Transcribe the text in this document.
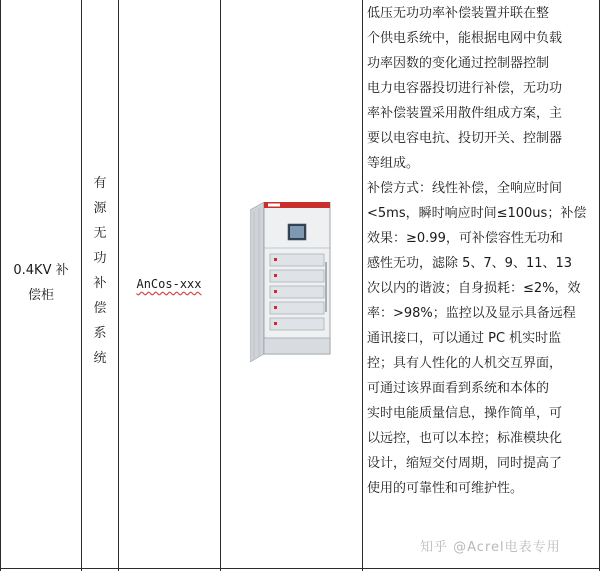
0.4KV 补
偿柜
有
源
无
功
补
偿
系
统
AnCos-xxx
低压无功功率补偿装置并联在整
个供电系统中，能根据电网中负载
功率因数的变化通过控制器控制
电力电容器投切进行补偿，无功功
率补偿装置采用散件组成方案，主
要以电容电抗、投切开关、控制器
等组成。
补偿方式：线性补偿，全响应时间
<5ms，瞬时响应时间≤100us；补偿
效果：≥0.99，可补偿容性无功和
感性无功，滤除 5、7、9、11、13
次以内的谐波；自身损耗：≤2%，效
率：>98%；监控以及显示具备远程
通讯接口，可以通过 PC 机实时监
控；具有人性化的人机交互界面，
可通过该界面看到系统和本体的
实时电能质量信息，操作简单，可
以远控，也可以本控；标准模块化
设计，缩短交付周期，同时提高了
使用的可靠性和可维护性。
知乎 @Acrel电表专用
